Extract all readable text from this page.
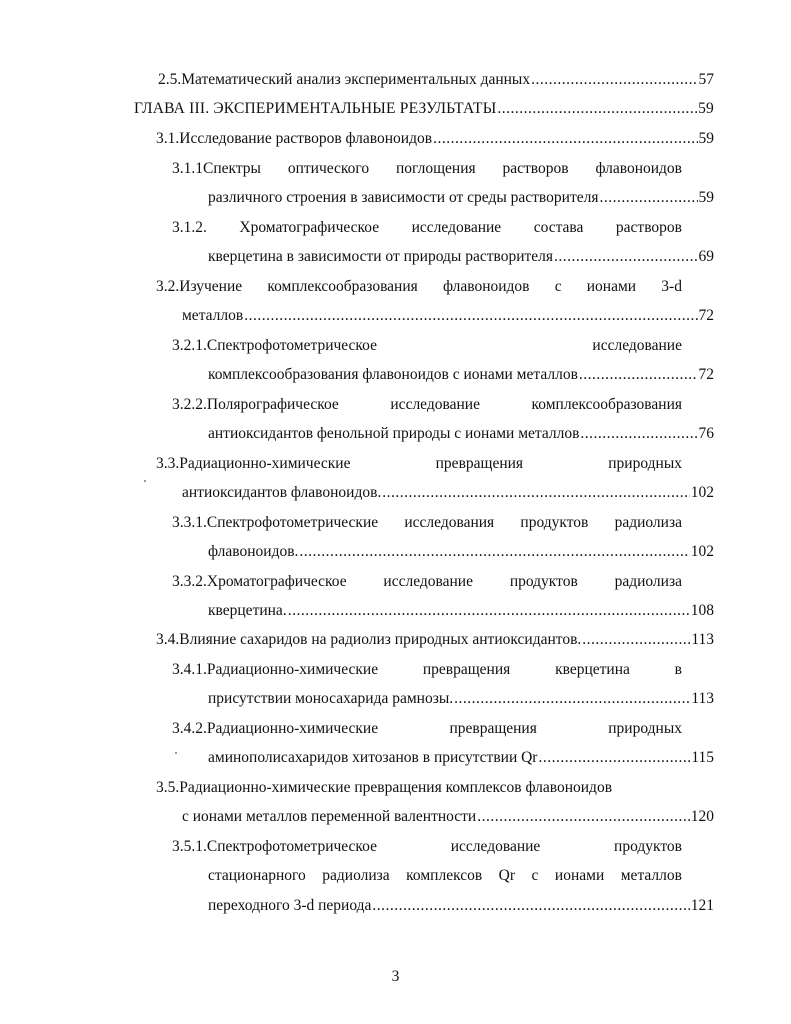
2.5.Математический анализ экспериментальных данных .....	57
ГЛАВА III. ЭКСПЕРИМЕНТАЛЬНЫЕ РЕЗУЛЬТАТЫ .....	59
3.1.Исследование растворов флавоноидов .....	59
3.1.1Спектры оптического поглощения растворов флавоноидов
различного строения в зависимости от среды растворителя .....	59
3.1.2. Хроматографическое исследование состава растворов
кверцетина в зависимости от природы растворителя .....	69
3.2.Изучение комплексообразования флавоноидов с ионами 3-d
металлов .....	72
3.2.1.Спектрофотометрическое	исследование
комплексообразования флавоноидов с ионами металлов .....	72
3.2.2.Полярографическое	исследование	комплексообразования
антиоксидантов фенольной природы с ионами металлов .....	76
3.3.Радиационно-химические	превращения	природных
антиоксидантов флавоноидов. .....	102
3.3.1.Спектрофотометрические исследования продуктов радиолиза
флавоноидов. .....	102
3.3.2.Хроматографическое исследование продуктов радиолиза
кверцетина. .....	108
3.4.Влияние сахаридов на радиолиз природных антиоксидантов. .....	113
3.4.1.Радиационно-химические	превращения	кверцетина	в
присутствии моносахарида рамнозы. .....	113
3.4.2.Радиационно-химические	превращения	природных
аминополисахаридов хитозанов в присутствии Qr .....	115
3.5.Радиационно-химические превращения комплексов флавоноидов
с ионами металлов переменной валентности .....	120
3.5.1.Спектрофотометрическое	исследование	продуктов
стационарного радиолиза комплексов Qr с ионами металлов
переходного 3-d периода .....	121
3
